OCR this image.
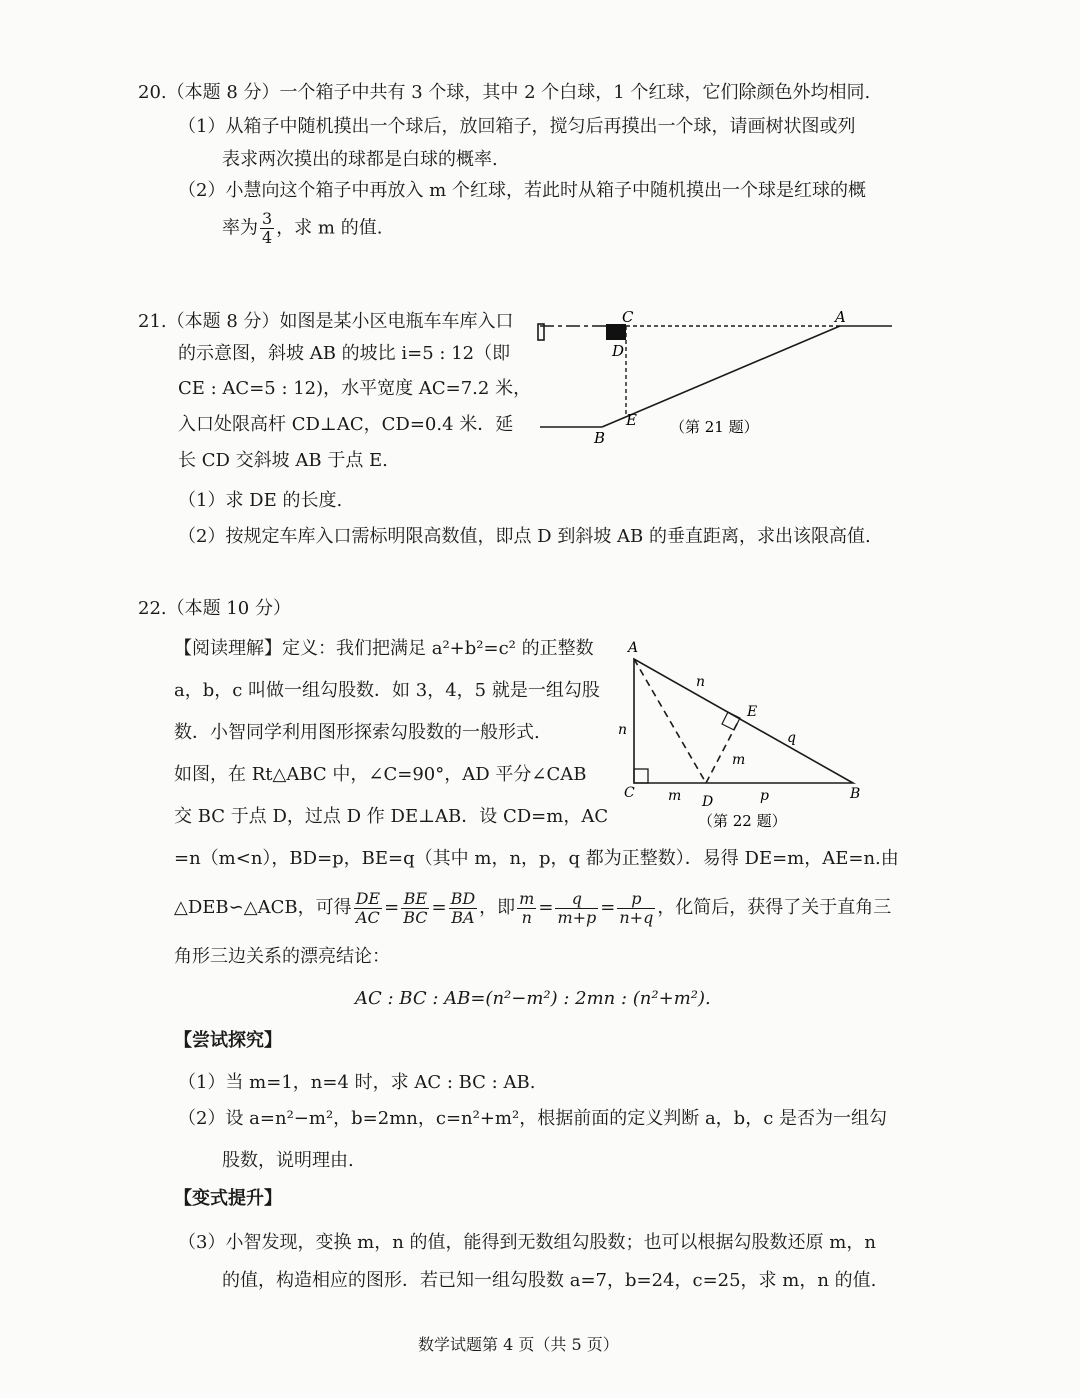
20.（本题 8 分）一个箱子中共有 3 个球，其中 2 个白球，1 个红球，它们除颜色外均相同.
（1）从箱子中随机摸出一个球后，放回箱子，搅匀后再摸出一个球，请画树状图或列
表求两次摸出的球都是白球的概率.
（2）小慧向这个箱子中再放入 m 个红球，若此时从箱子中随机摸出一个球是红球的概
率为 $\frac{3}{4}$ ，求 m 的值.
21.（本题 8 分）如图是某小区电瓶车车库入口
的示意图，斜坡 AB 的坡比 i=5 : 12（即
CE : AC=5 : 12)，水平宽度 AC=7.2 米，
入口处限高杆 CD⊥AC，CD=0.4 米．延
长 CD 交斜坡 AB 于点 E.
（1）求 DE 的长度.
（2）按规定车库入口需标明限高数值，即点 D 到斜坡 AB 的垂直距离，求出该限高值.
C	A
D
E
B
（第 21 题）
22.（本题 10 分）
【阅读理解】定义：我们把满足 a²+b²=c² 的正整数
a，b，c 叫做一组勾股数．如 3，4，5 就是一组勾股
数．小智同学利用图形探索勾股数的一般形式.
如图，在 Rt△ABC 中，∠C=90°，AD 平分∠CAB
交 BC 于点 D，过点 D 作 DE⊥AB．设 CD=m，AC
=n（m<n），BD=p，BE=q（其中 m，n，p，q 都为正整数）．易得 DE=m，AE=n.由
△DEB∽△ACB，可得 $\frac{DE}{AC} = \frac{BE}{BC} = \frac{BD}{BA}$ ，即 $\frac{m}{n} = \frac{q}{m+p} = \frac{p}{n+q}$ ，化简后，获得了关于直角三
角形三边关系的漂亮结论：
AC : BC : AB=(n²−m²) : 2mn : (n²+m²).
【尝试探究】
（1）当 m=1，n=4 时，求 AC : BC : AB.
（2）设 a=n²−m²，b=2mn，c=n²+m²，根据前面的定义判断 a，b，c 是否为一组勾
股数，说明理由.
【变式提升】
（3）小智发现，变换 m，n 的值，能得到无数组勾股数；也可以根据勾股数还原 m，n
的值，构造相应的图形．若已知一组勾股数 a=7，b=24，c=25，求 m，n 的值.
A
n
n
E
q
m
C m D	p	B
（第 22 题）
数学试题第 4 页（共 5 页）
